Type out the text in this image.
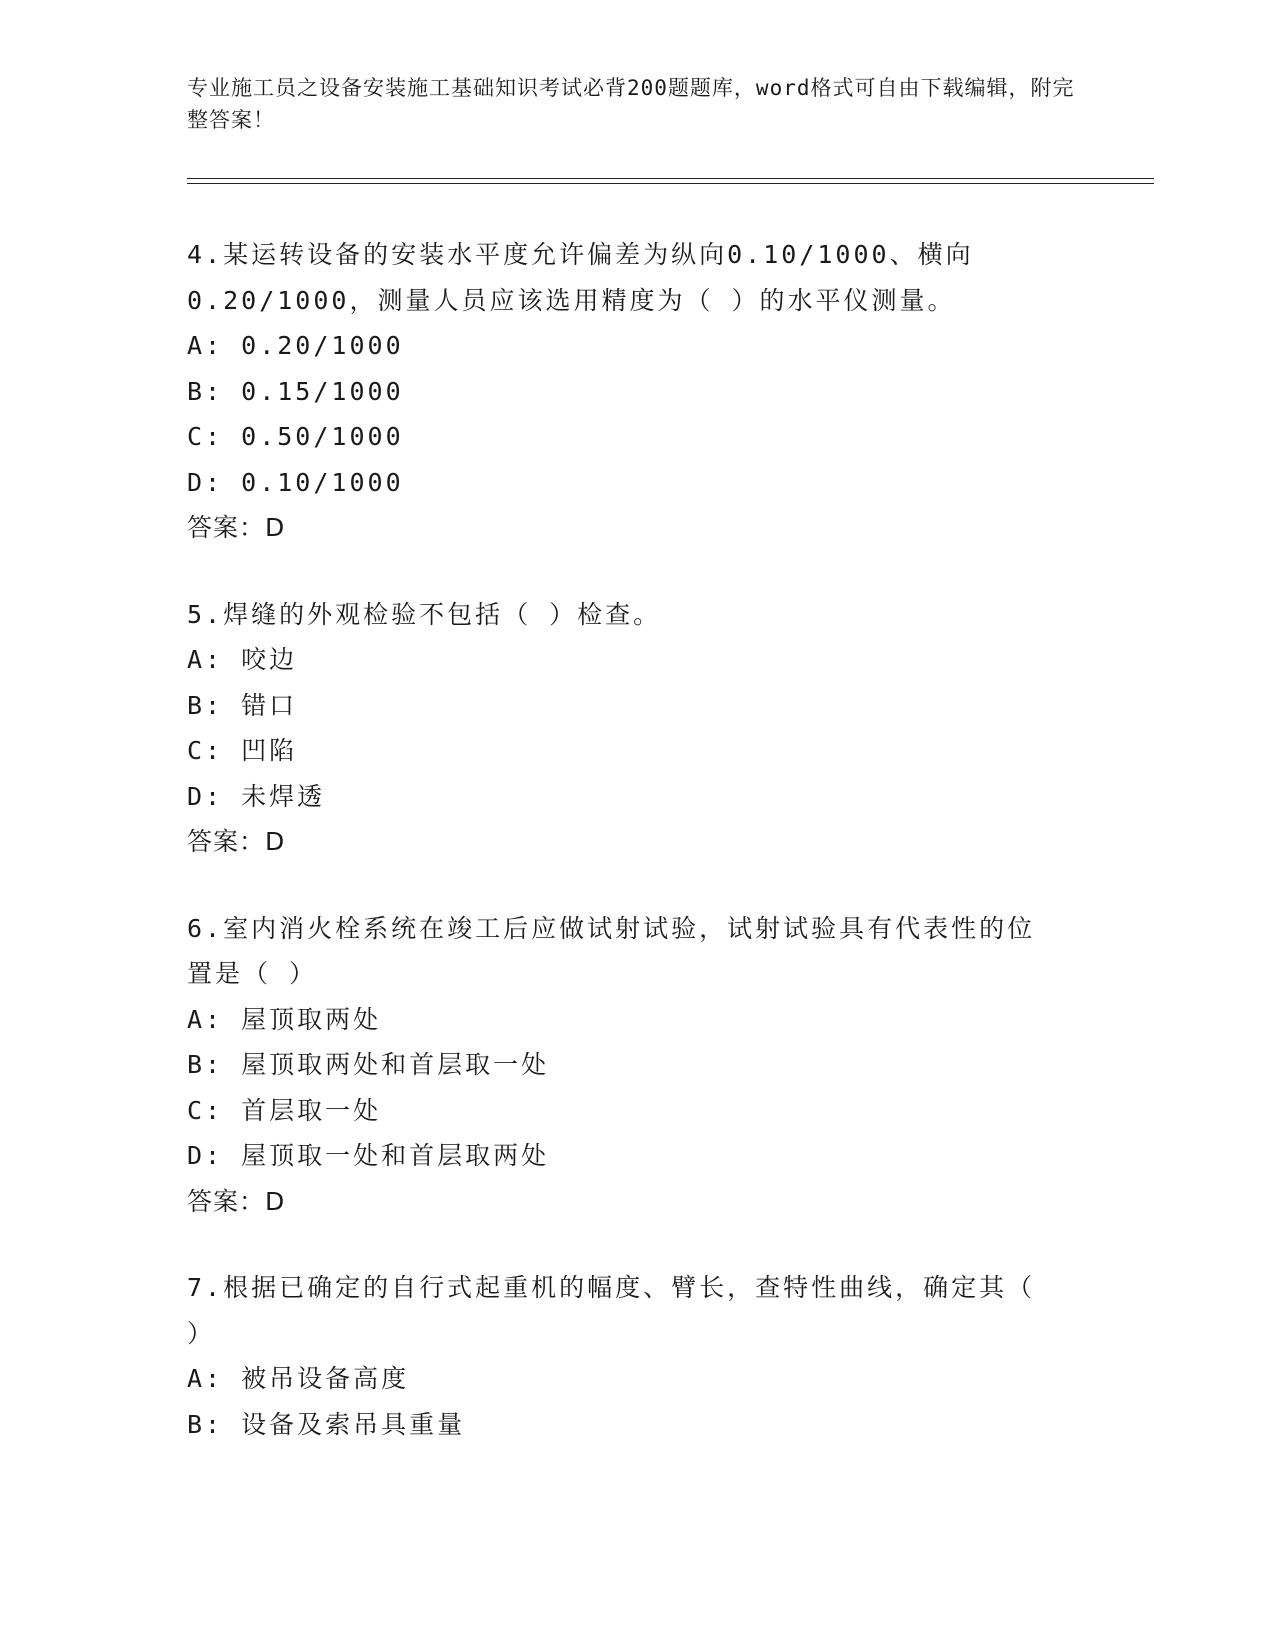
专业施工员之设备安装施工基础知识考试必背200题题库，word格式可自由下载编辑，附完整答案！
4.某运转设备的安装水平度允许偏差为纵向0.10/1000、横向
0.20/1000，测量人员应该选用精度为（ ）的水平仪测量。
A: 0.20/1000
B: 0.15/1000
C: 0.50/1000
D: 0.10/1000
答案：D
5.焊缝的外观检验不包括（ ）检查。
A: 咬边
B: 错口
C: 凹陷
D: 未焊透
答案：D
6.室内消火栓系统在竣工后应做试射试验，试射试验具有代表性的位
置是（ ）
A: 屋顶取两处
B: 屋顶取两处和首层取一处
C: 首层取一处
D: 屋顶取一处和首层取两处
答案：D
7.根据已确定的自行式起重机的幅度、臂长，查特性曲线，确定其（
）
A: 被吊设备高度
B: 设备及索吊具重量
